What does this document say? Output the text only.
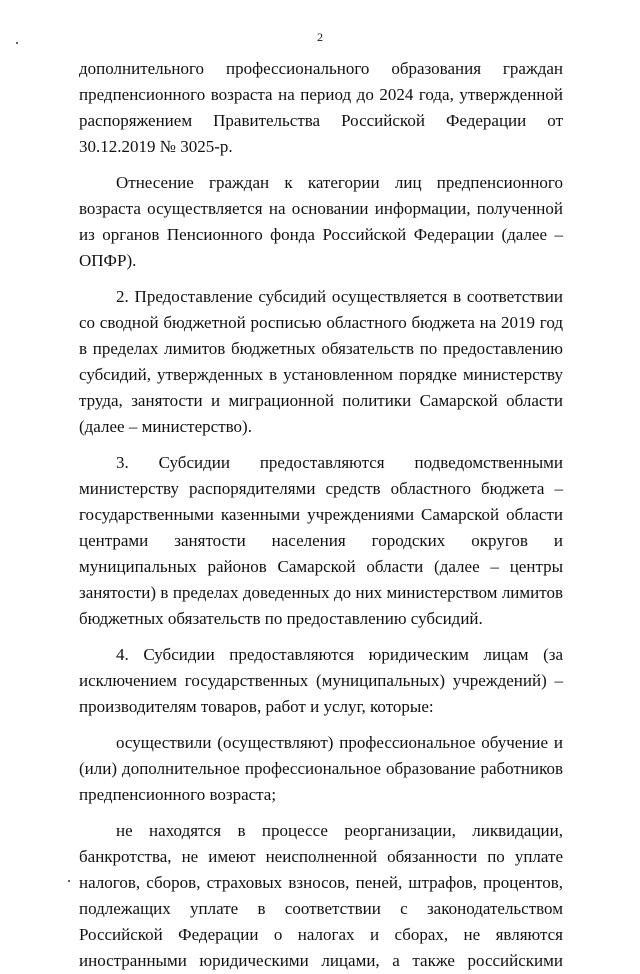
2

дополнительного профессионального образования граждан предпенсионного возраста на период до 2024 года, утвержденной распоряжением Правительства Российской Федерации от 30.12.2019 № 3025-р.

Отнесение граждан к категории лиц предпенсионного возраста осуществляется на основании информации, полученной из органов Пенсионного фонда Российской Федерации (далее – ОПФР).

2. Предоставление субсидий осуществляется в соответствии со сводной бюджетной росписью областного бюджета на 2019 год в пределах лимитов бюджетных обязательств по предоставлению субсидий, утвержденных в установленном порядке министерству труда, занятости и миграционной политики Самарской области (далее – министерство).

3. Субсидии предоставляются подведомственными министерству распорядителями средств областного бюджета – государственными казенными учреждениями Самарской области центрами занятости населения городских округов и муниципальных районов Самарской области (далее – центры занятости) в пределах доведенных до них министерством лимитов бюджетных обязательств по предоставлению субсидий.

4. Субсидии предоставляются юридическим лицам (за исключением государственных (муниципальных) учреждений) – производителям товаров, работ и услуг, которые:

осуществили (осуществляют) профессиональное обучение и (или) дополнительное профессиональное образование работников предпенсионного возраста;

не находятся в процессе реорганизации, ликвидации, банкротства, не имеют неисполненной обязанности по уплате налогов, сборов, страховых взносов, пеней, штрафов, процентов, подлежащих уплате в соответствии с законодательством Российской Федерации о налогах и сборах, не являются иностранными юридическими лицами, а также российскими
